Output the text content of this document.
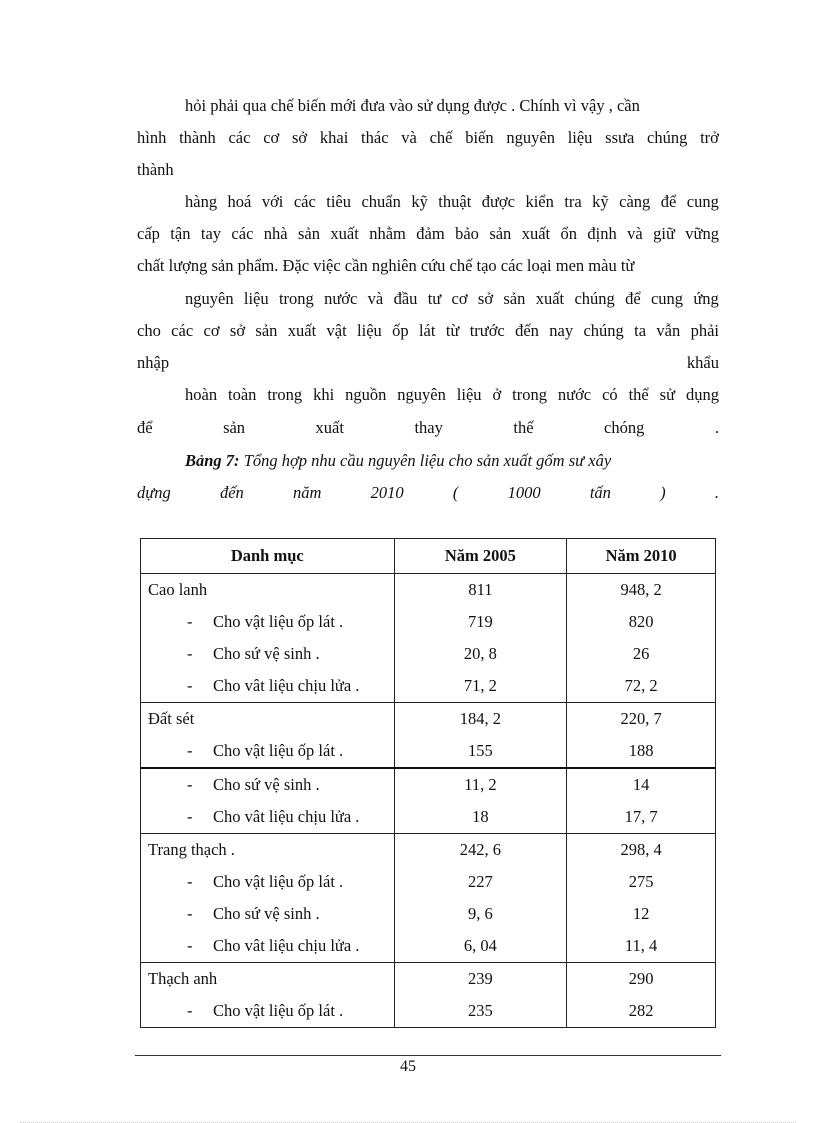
hỏi phải qua chế biến mới đưa vào sử dụng được . Chính vì vậy , cần
hình thành các cơ sở khai thác và chế biến nguyên liệu ssưa chúng trở
thành
hàng hoá với các tiêu chuẩn kỹ thuật được kiển tra kỹ càng để cung
cấp tận tay các nhà sản xuất nhằm đảm bảo sản xuất ổn định và giữ vững
chất lượng sản phẩm. Đặc việc cần nghiên cứu chế tạo các loại men màu từ
nguyên liệu trong nước và đầu tư cơ sở sản xuất chúng để cung ứng
cho các cơ sở sản xuất vật liệu ốp lát từ trước đến nay chúng ta vẫn phải
nhập	khẩu
hoàn toàn trong khi nguồn nguyên liệu ở trong nước có thể sử dụng
để	sản	xuất	thay	thế	chóng	.
Bảng 7: Tổng hợp nhu cầu nguyên liệu cho sản xuất gốm sư xây
dựng	đến	năm	2010	(	1000	tấn	)	.
Danh mục	Năm 2005	Năm 2010
Cao lanh	811	948, 2
- Cho vật liệu ốp lát .	719	820
- Cho sứ vệ sinh .	20, 8	26
- Cho vât liệu chịu lửa .	71, 2	72, 2
Đất sét	184, 2	220, 7
- Cho vật liệu ốp lát .	155	188
- Cho sứ vệ sinh .	11, 2	14
- Cho vât liệu chịu lửa .	18	17, 7
Trang thạch .	242, 6	298, 4
- Cho vật liệu ốp lát .	227	275
- Cho sứ vệ sinh .	9, 6	12
- Cho vât liệu chịu lửa .	6, 04	11, 4
Thạch anh	239	290
- Cho vật liệu ốp lát .	235	282
45
